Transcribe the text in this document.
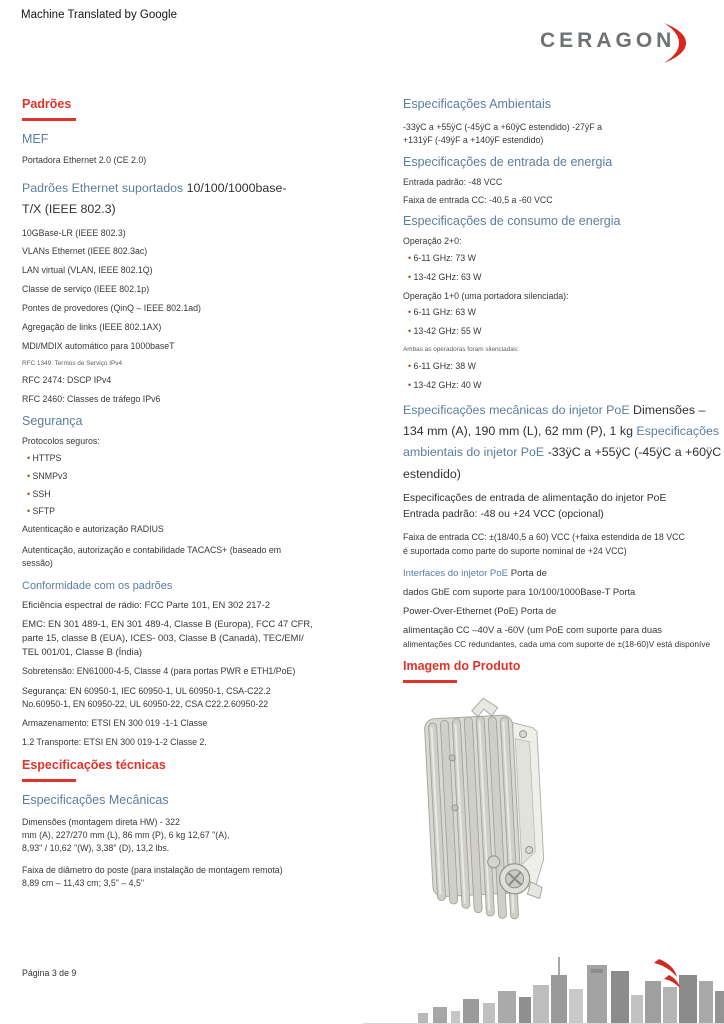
Machine Translated by Google
CERAGON
Padrões
MEF
Portadora Ethernet 2.0 (CE 2.0)
Padrões Ethernet suportados 10/100/1000base-
T/X (IEEE 802.3)
10GBase-LR (IEEE 802.3)
VLANs Ethernet (IEEE 802.3ac)
LAN virtual (VLAN, IEEE 802.1Q)
Classe de serviço (IEEE 802.1p)
Pontes de provedores (QinQ – IEEE 802.1ad)
Agregação de links (IEEE 802.1AX)
MDI/MDIX automático para 1000baseT
RFC 1349: Termos de Serviço IPv4
RFC 2474: DSCP IPv4
RFC 2460: Classes de tráfego IPv6
Segurança
Protocolos seguros:
• HTTPS
• SNMPv3
• SSH
• SFTP
Autenticação e autorização RADIUS
Autenticação, autorização e contabilidade TACACS+ (baseado em
sessão)
Conformidade com os padrões
Eficiência espectral de rádio: FCC Parte 101, EN 302 217-2
EMC: EN 301 489-1, EN 301 489-4, Classe B (Europa), FCC 47 CFR,
parte 15, classe B (EUA), ICES- 003, Classe B (Canadá), TEC/EMI/
TEL 001/01, Classe B (Índia)
Sobretensão: EN61000-4-5, Classe 4 (para portas PWR e ETH1/PoE)
Segurança: EN 60950-1, IEC 60950-1, UL 60950-1, CSA-C22.2
No.60950-1, EN 60950-22, UL 60950-22, CSA C22.2.60950-22
Armazenamento: ETSI EN 300 019 -1-1 Classe
1.2 Transporte: ETSI EN 300 019-1-2 Classe 2.
Especificações técnicas
Especificações Mecânicas
Dimensões (montagem direta HW) - 322
mm (A), 227/270 mm (L), 86 mm (P), 6 kg 12,67 "(A),
8,93" / 10,62 "(W), 3,38" (D), 13,2 lbs.
Faixa de diâmetro do poste (para instalação de montagem remota)
8,89 cm – 11,43 cm; 3,5" – 4,5"
Especificações Ambientais
-33ÿC a +55ÿC (-45ÿC a +60ÿC estendido) -27ÿF a
+131ÿF (-49ÿF a +140ÿF estendido)
Especificações de entrada de energia
Entrada padrão: -48 VCC
Faixa de entrada CC: -40,5 a -60 VCC
Especificações de consumo de energia
Operação 2+0:
• 6-11 GHz: 73 W
• 13-42 GHz: 63 W
Operação 1+0 (uma portadora silenciada):
• 6-11 GHz: 63 W
• 13-42 GHz: 55 W
Ambas as operadoras foram silenciadas:
• 6-11 GHz: 38 W
• 13-42 GHz: 40 W
Especificações mecânicas do injetor PoE Dimensões –
134 mm (A), 190 mm (L), 62 mm (P), 1 kg Especificações
ambientais do injetor PoE -33ÿC a +55ÿC (-45ÿC a +60ÿC
estendido)
Especificações de entrada de alimentação do injetor PoE
Entrada padrão: -48 ou +24 VCC (opcional)
Faixa de entrada CC: ±(18/40,5 a 60) VCC (+faixa estendida de 18 VCC
é suportada como parte do suporte nominal de +24 VCC)
Interfaces do injetor PoE Porta de
dados GbE com suporte para 10/100/1000Base-T Porta
Power-Over-Ethernet (PoE) Porta de
alimentação CC –40V a -60V (um PoE com suporte para duas
alimentações CC redundantes, cada uma com suporte de ±(18-60)V está disponíve
Imagem do Produto
Página 3 de 9
